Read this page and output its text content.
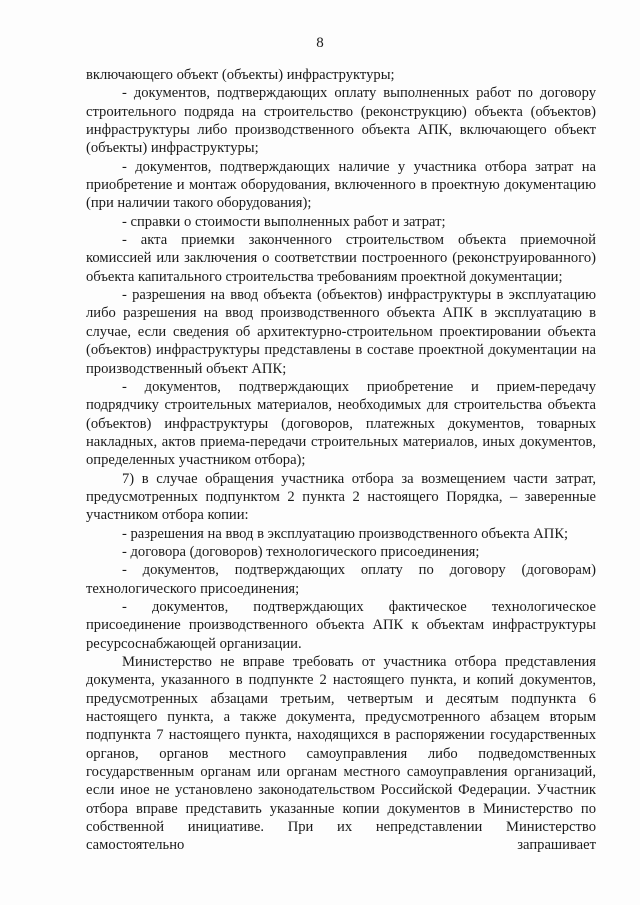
8

включающего объект (объекты) инфраструктуры;

- документов, подтверждающих оплату выполненных работ по договору строительного подряда на строительство (реконструкцию) объекта (объектов) инфраструктуры либо производственного объекта АПК, включающего объект (объекты) инфраструктуры;

- документов, подтверждающих наличие у участника отбора затрат на приобретение и монтаж оборудования, включенного в проектную документацию (при наличии такого оборудования);

- справки о стоимости выполненных работ и затрат;

- акта приемки законченного строительством объекта приемочной комиссией или заключения о соответствии построенного (реконструированного) объекта капитального строительства требованиям проектной документации;

- разрешения на ввод объекта (объектов) инфраструктуры в эксплуатацию либо разрешения на ввод производственного объекта АПК в эксплуатацию в случае, если сведения об архитектурно-строительном проектировании объекта (объектов) инфраструктуры представлены в составе проектной документации на производственный объект АПК;

- документов, подтверждающих приобретение и прием-передачу подрядчику строительных материалов, необходимых для строительства объекта (объектов) инфраструктуры (договоров, платежных документов, товарных накладных, актов приема-передачи строительных материалов, иных документов, определенных участником отбора);

7) в случае обращения участника отбора за возмещением части затрат, предусмотренных подпунктом 2 пункта 2 настоящего Порядка, – заверенные участником отбора копии:

- разрешения на ввод в эксплуатацию производственного объекта АПК;

- договора (договоров) технологического присоединения;

- документов, подтверждающих оплату по договору (договорам) технологического присоединения;

- документов, подтверждающих фактическое технологическое присоединение производственного объекта АПК к объектам инфраструктуры ресурсоснабжающей организации.

Министерство не вправе требовать от участника отбора представления документа, указанного в подпункте 2 настоящего пункта, и копий документов, предусмотренных абзацами третьим, четвертым и десятым подпункта 6 настоящего пункта, а также документа, предусмотренного абзацем вторым подпункта 7 настоящего пункта, находящихся в распоряжении государственных органов, органов местного самоуправления либо подведомственных государственным органам или органам местного самоуправления организаций, если иное не установлено законодательством Российской Федерации. Участник отбора вправе представить указанные копии документов в Министерство по собственной инициативе. При их непредставлении Министерство самостоятельно запрашивает
